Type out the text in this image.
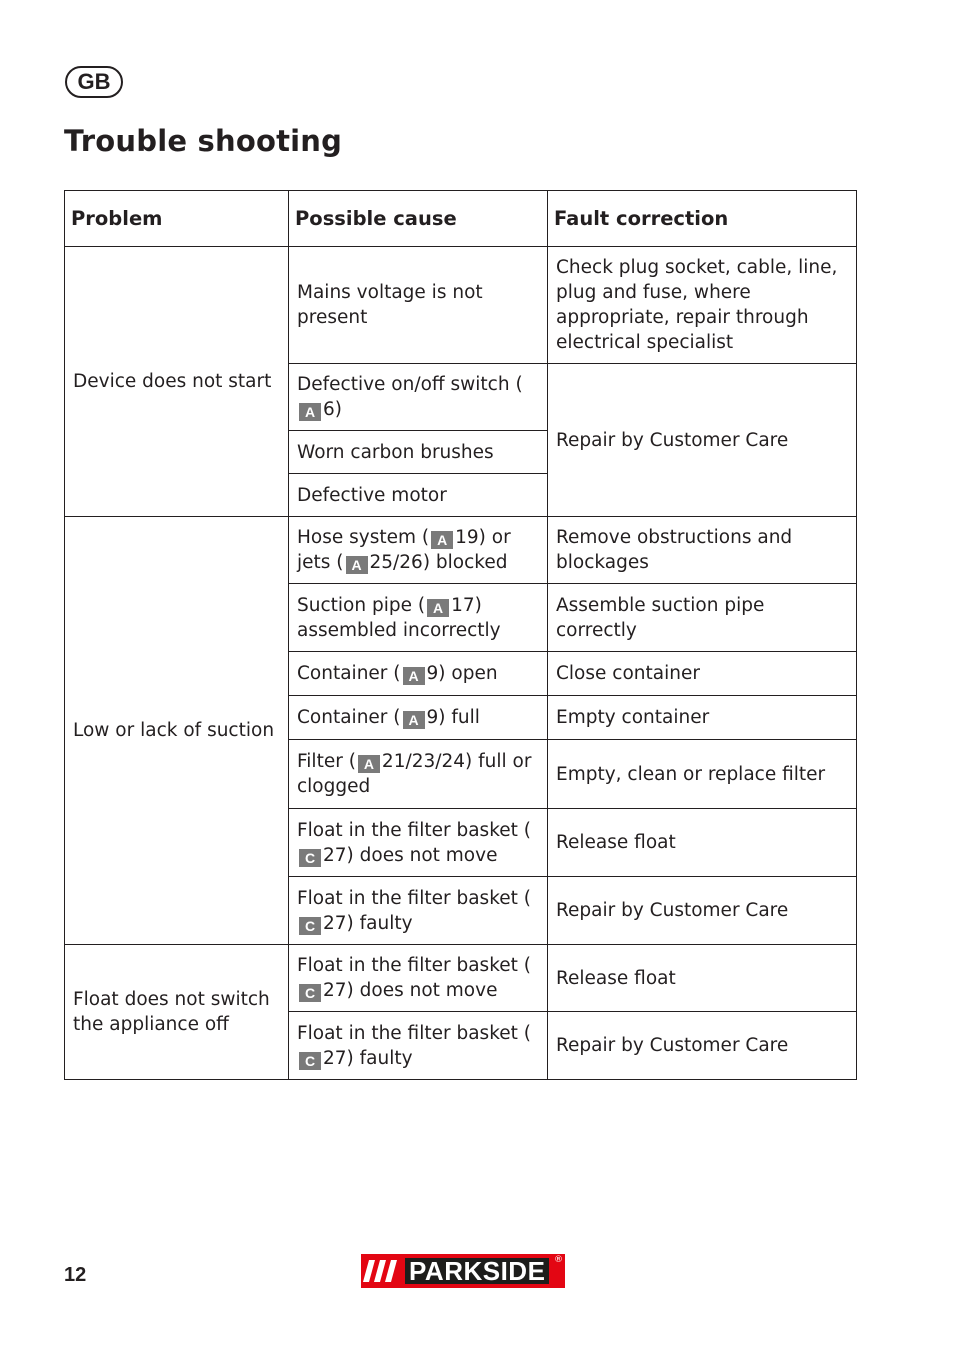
GB
Trouble shooting
Problem	Possible cause	Fault correction
Device does not start	Mains voltage is not present	Check plug socket, cable, line, plug and fuse, where appropriate, repair through electrical specialist
	Defective on/off switch (A 6)	Repair by Customer Care
	Worn carbon brushes	
	Defective motor	
Low or lack of suction	Hose system ( A 19) or jets ( A 25/26) blocked	Remove obstructions and blockages
	Suction pipe ( A 17) assembled incorrectly	Assemble suction pipe correctly
	Container ( A 9) open	Close container
	Container ( A 9) full	Empty container
	Filter ( A 21/23/24) full or clogged	Empty, clean or replace filter
	Float in the filter basket (C 27) does not move	Release float
	Float in the filter basket (C 27) faulty	Repair by Customer Care
Float does not switch the appliance off	Float in the filter basket (C 27) does not move	Release float
	Float in the filter basket (C 27) faulty	Repair by Customer Care
12	PARKSIDE ®
